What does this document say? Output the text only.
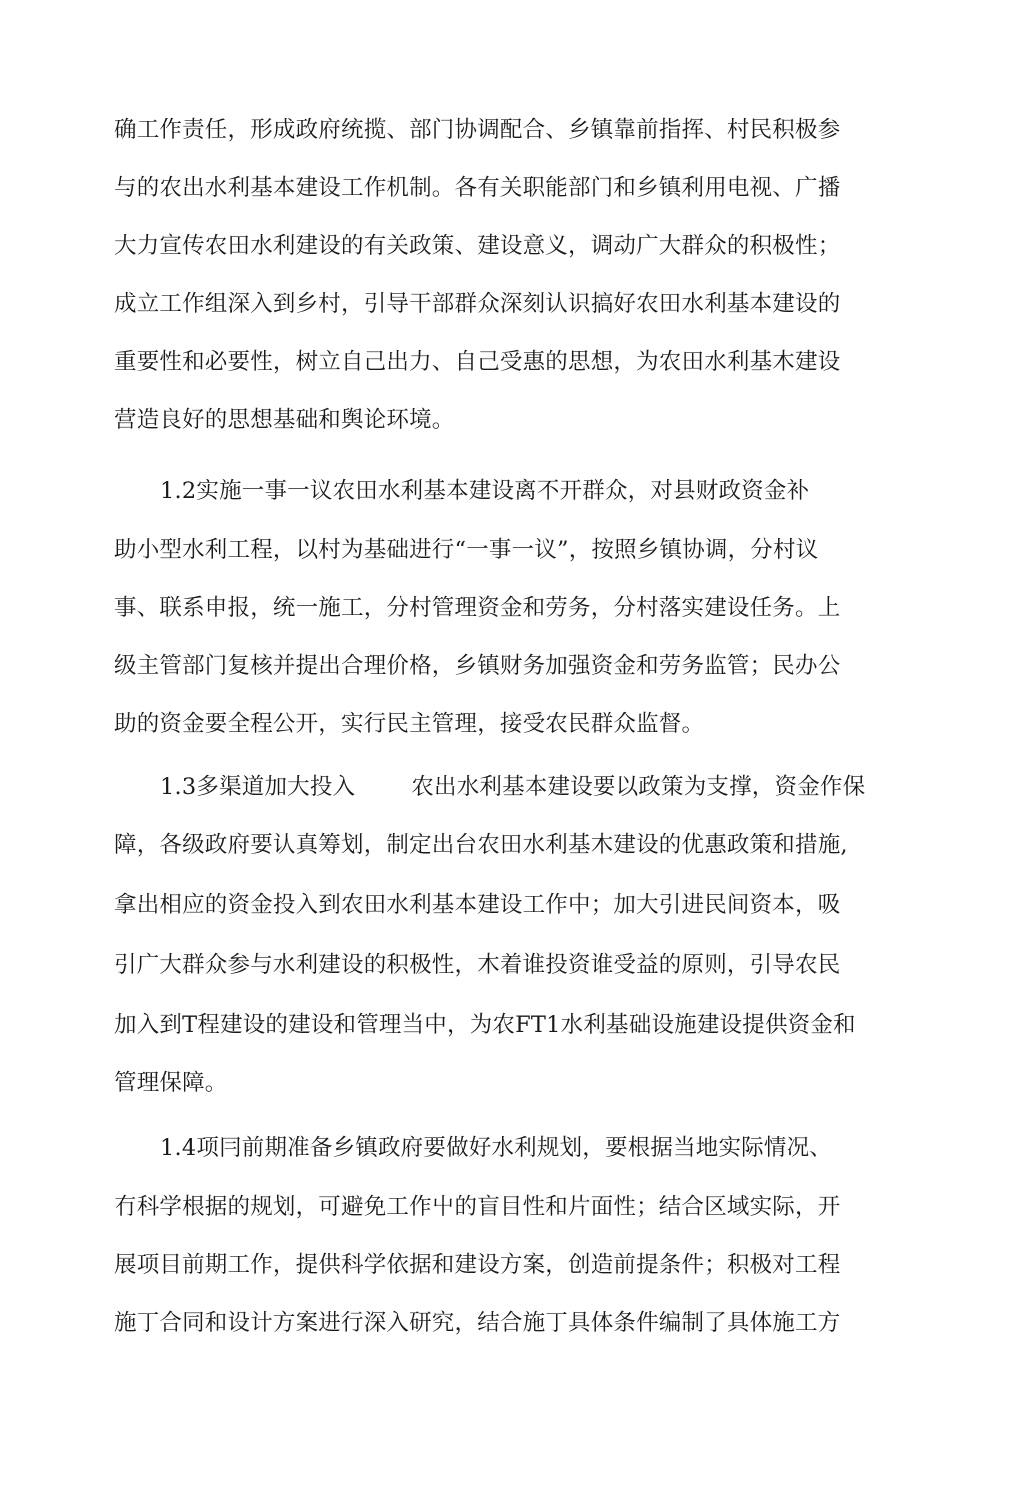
确工作责任，形成政府统揽、部门协调配合、乡镇靠前指挥、村民积极参
与的农出水利基本建设工作机制。各有关职能部门和乡镇利用电视、广播
大力宣传农田水利建设的有关政策、建设意义，调动广大群众的积极性；
成立工作组深入到乡村，引导干部群众深刻认识搞好农田水利基本建设的
重要性和必要性，树立自己出力、自己受惠的思想，为农田水利基木建设
营造良好的思想基础和舆论环境。
1.2实施一事一议农田水利基本建设离不开群众，对县财政资金补
助小型水利工程，以村为基础进行“一事一议”，按照乡镇协调，分村议
事、联系申报，统一施工，分村管理资金和劳务，分村落实建设任务。上
级主管部门复核并提出合理价格，乡镇财务加强资金和劳务监管；民办公
助的资金要全程公开，实行民主管理，接受农民群众监督。
1.3多渠道加大投入 农出水利基本建设要以政策为支撑，资金作保
障，各级政府要认真筹划，制定出台农田水利基木建设的优惠政策和措施,
拿出相应的资金投入到农田水利基本建设工作中；加大引进民间资本，吸
引广大群众参与水利建设的积极性，木着谁投资谁受益的原则，引导农民
加入到T程建设的建设和管理当中，为农FT1水利基础设施建设提供资金和
管理保障。
1.4项冃前期准备乡镇政府要做好水利规划，要根据当地实际情况、
冇科学根据的规划，可避免工作屮的盲目性和片面性；结合区域实际，开
展项目前期工作，提供科学依据和建设方案，创造前提条件；积极对工程
施丁合同和设计方案进行深入研究，结合施丁具体条件编制了具体施工方
